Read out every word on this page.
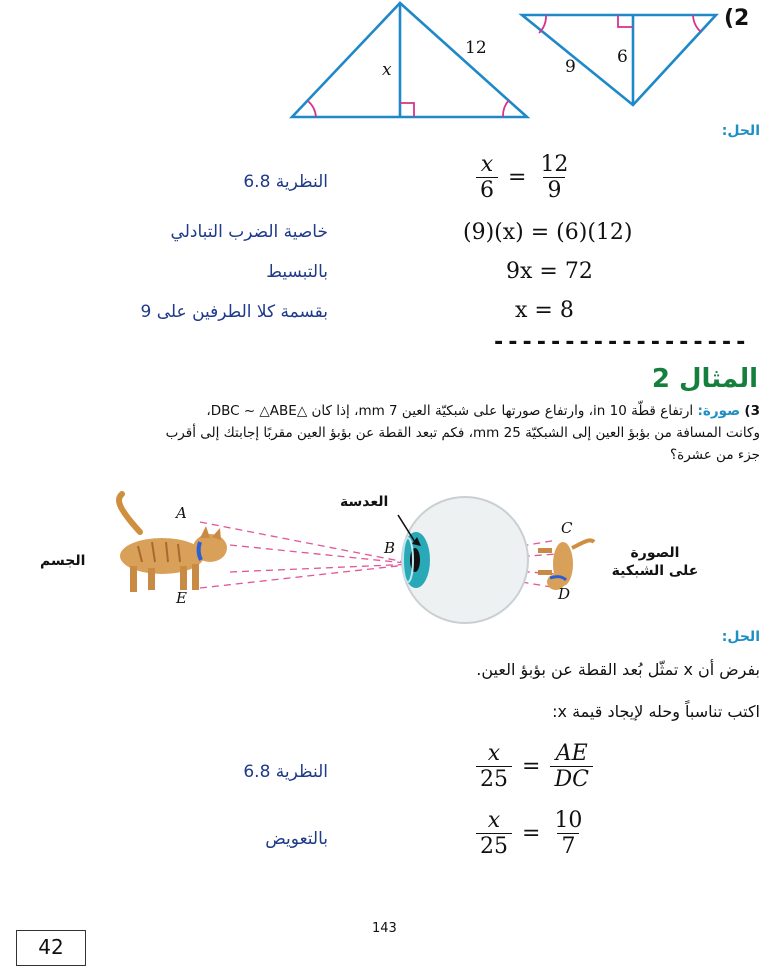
x
12
9 6
(2
الحل:
$\frac{x}{6} = \frac{12}{9}$
النظرية 6.8
(9)(x) = (6)(12)
خاصية الضرب التبادلي
9x = 72
بالتبسيط
x = 8
بقسمة كلا الطرفين على 9
------------------
المثال 2
3) صورة: ارتفاع قطّة 10 in، وارتفاع صورتها على شبكيّة العين 7 mm، إذا كان △DBC ~ △ABE،
وكانت المسافة من بؤبؤ العين إلى الشبكيّة 25 mm، فكم تبعد القطة عن بؤبؤ العين مقربًا إجابتك إلى أقرب
جزء من عشرة؟
A
E
B
C
D
العدسة
الجسم	الصورة
على الشبكية
الحل:
بفرض أن x تمثّل بُعد القطة عن بؤبؤ العين.
اكتب تناسباً وحله لإيجاد قيمة x:
$\frac{x}{25} = \frac{AE}{DC}$
النظرية 6.8
$\frac{x}{25} = \frac{10}{7}$
بالتعويض
143
42
